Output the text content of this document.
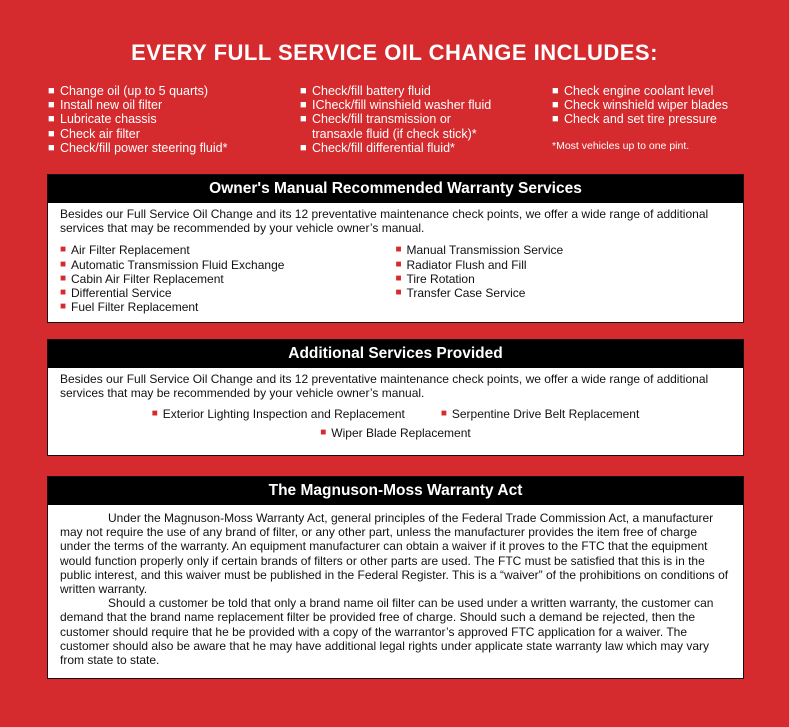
EVERY FULL SERVICE OIL CHANGE INCLUDES:
■ Change oil (up to 5 quarts)
■ Install new oil filter
■ Lubricate chassis
■ Check air filter
■ Check/fill power steering fluid*
■ Check/fill battery fluid
■ ICheck/fill winshield washer fluid
■ Check/fill transmission or
transaxle fluid (if check stick)*
■ Check/fill differential fluid*
■ Check engine coolant level
■ Check winshield wiper blades
■ Check and set tire pressure
*Most vehicles up to one pint.
Owner's Manual Recommended Warranty Services
Besides our Full Service Oil Change and its 12 preventative maintenance check points, we offer a wide range of additional services that may be recommended by your vehicle owner’s manual.
■ Air Filter Replacement
■ Automatic Transmission Fluid Exchange
■ Cabin Air Filter Replacement
■ Differential Service
■ Fuel Filter Replacement
■ Manual Transmission Service
■ Radiator Flush and Fill
■ Tire Rotation
■ Transfer Case Service
Additional Services Provided
Besides our Full Service Oil Change and its 12 preventative maintenance check points, we offer a wide range of additional services that may be recommended by your vehicle owner’s manual.
■ Exterior Lighting Inspection and Replacement	■ Serpentine Drive Belt Replacement
■ Wiper Blade Replacement
The Magnuson-Moss Warranty Act
Under the Magnuson-Moss Warranty Act, general principles of the Federal Trade Commission Act, a manufacturer may not require the use of any brand of filter, or any other part, unless the manufacturer provides the item free of charge under the terms of the warranty. An equipment manufacturer can obtain a waiver if it proves to the FTC that the equipment would function properly only if certain brands of filters or other parts are used. The FTC must be satisfied that this is in the public interest, and this waiver must be published in the Federal Register. This is a “waiver” of the prohibitions on conditions of written warranty.
Should a customer be told that only a brand name oil filter can be used under a written warranty, the customer can demand that the brand name replacement filter be provided free of charge. Should such a demand be rejected, then the customer should require that he be provided with a copy of the warrantor’s approved FTC application for a waiver. The customer should also be aware that he may have additional legal rights under applicate state warranty law which may vary from state to state.
